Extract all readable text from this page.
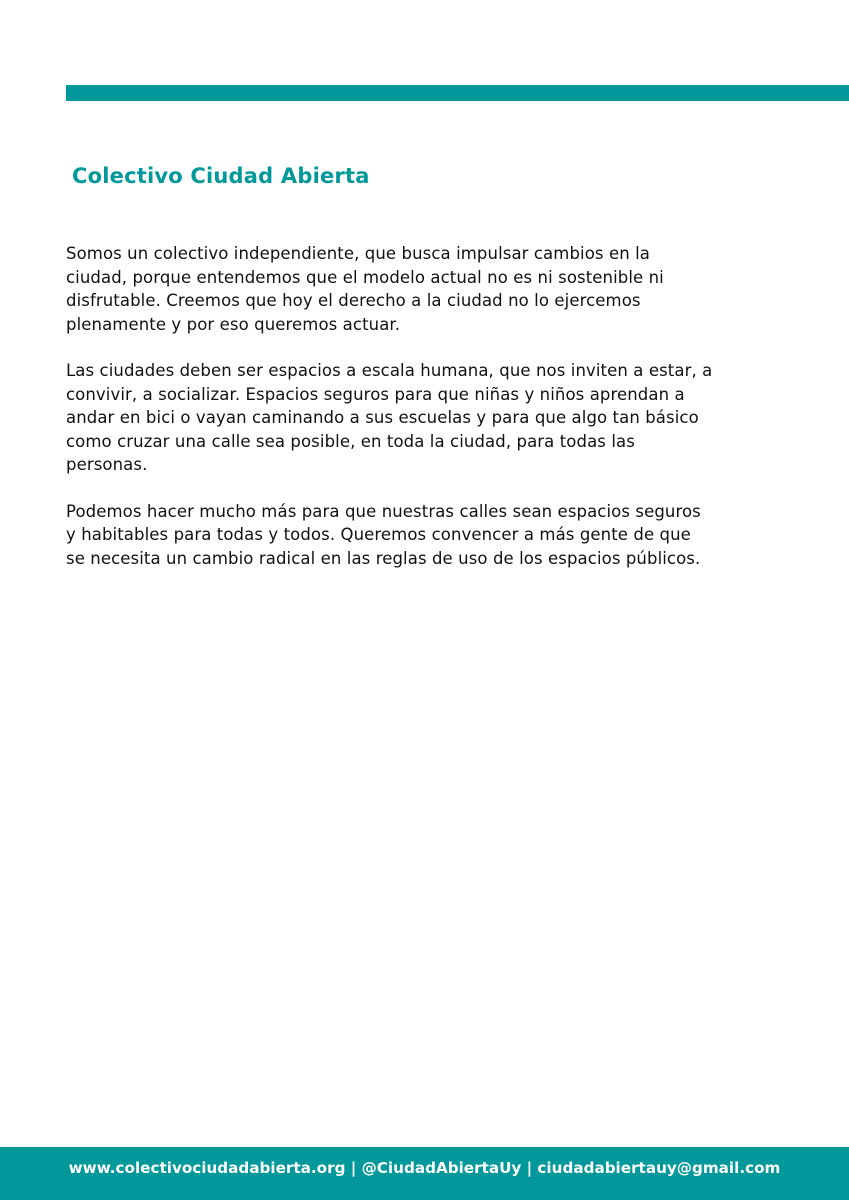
Colectivo Ciudad Abierta

Somos un colectivo independiente, que busca impulsar cambios en la
ciudad, porque entendemos que el modelo actual no es ni sostenible ni
disfrutable. Creemos que hoy el derecho a la ciudad no lo ejercemos
plenamente y por eso queremos actuar.

Las ciudades deben ser espacios a escala humana, que nos inviten a estar, a
convivir, a socializar. Espacios seguros para que niñas y niños aprendan a
andar en bici o vayan caminando a sus escuelas y para que algo tan básico
como cruzar una calle sea posible, en toda la ciudad, para todas las
personas.

Podemos hacer mucho más para que nuestras calles sean espacios seguros
y habitables para todas y todos. Queremos convencer a más gente de que
se necesita un cambio radical en las reglas de uso de los espacios públicos.

www.colectivociudadabierta.org | @CiudadAbiertaUy | ciudadabiertauy@gmail.com
